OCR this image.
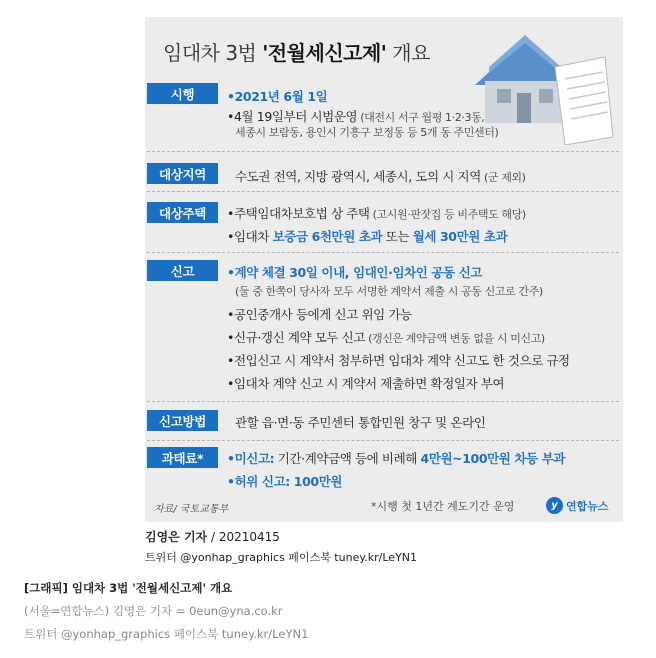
임대차 3법 '전월세신고제' 개요
시행	•2021년 6월 1일
•4월 19일부터 시범운영 (대전시 서구 월평 1·2·3동,
세종시 보람동, 용인시 기흥구 보정동 등 5개 동 주민센터)
대상지역	수도권 전역, 지방 광역시, 세종시, 도의 시 지역 (군 제외)
대상주택	•주택임대차보호법 상 주택 (고시원·판잣집 등 비주택도 해당)
•임대차 보증금 6천만원 초과 또는 월세 30만원 초과
신고	•계약 체결 30일 이내, 임대인·임차인 공동 신고
(둘 중 한쪽이 당사자 모두 서명한 계약서 제출 시 공동 신고로 간주)
•공인중개사 등에게 신고 위임 가능
•신규·갱신 계약 모두 신고 (갱신은 계약금액 변동 없을 시 미신고)
•전입신고 시 계약서 첨부하면 임대차 계약 신고도 한 것으로 규정
•임대차 계약 신고 시 계약서 제출하면 확정일자 부여
신고방법	관할 읍·면·동 주민센터 통합민원 창구 및 온라인
과태료*	•미신고: 기간·계약금액 등에 비례해 4만원~100만원 차등 부과
•허위 신고: 100만원
자료/ 국토교통부	*시행 첫 1년간 계도기간 운영	y 연합뉴스
김영은 기자 / 20210415
트위터 @yonhap_graphics 페이스북 tuney.kr/LeYN1
[그래픽] 임대차 3법 '전월세신고제' 개요
(서울=연합뉴스) 김영은 기자 = 0eun@yna.co.kr
트위터 @yonhap_graphics 페이스북 tuney.kr/LeYN1
